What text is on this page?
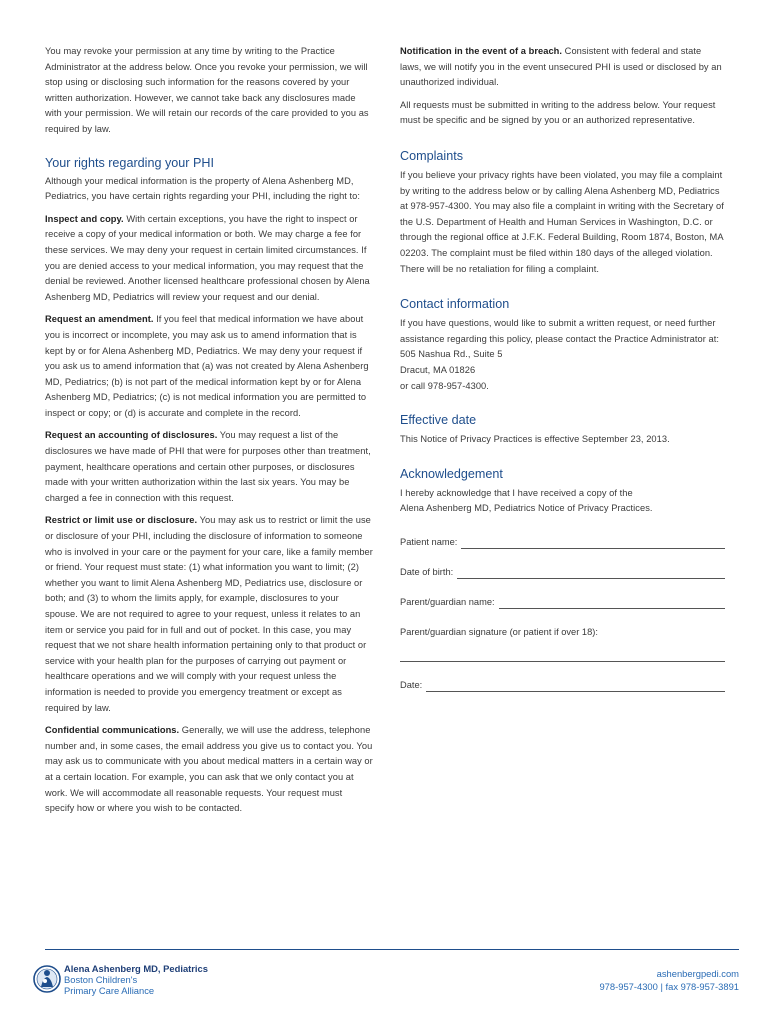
You may revoke your permission at any time by writing to the Practice Administrator at the address below. Once you revoke your permission, we will stop using or disclosing such information for the reasons covered by your written authorization. However, we cannot take back any disclosures made with your permission. We will retain our records of the care provided to you as required by law.

Your rights regarding your PHI

Although your medical information is the property of Alena Ashenberg MD, Pediatrics, you have certain rights regarding your PHI, including the right to:

Inspect and copy. With certain exceptions, you have the right to inspect or receive a copy of your medical information or both. We may charge a fee for these services. We may deny your request in certain limited circumstances. If you are denied access to your medical information, you may request that the denial be reviewed. Another licensed healthcare professional chosen by Alena Ashenberg MD, Pediatrics will review your request and our denial.

Request an amendment. If you feel that medical information we have about you is incorrect or incomplete, you may ask us to amend information that is kept by or for Alena Ashenberg MD, Pediatrics. We may deny your request if you ask us to amend information that (a) was not created by Alena Ashenberg MD, Pediatrics; (b) is not part of the medical information kept by or for Alena Ashenberg MD, Pediatrics; (c) is not medical information you are permitted to inspect or copy; or (d) is accurate and complete in the record.

Request an accounting of disclosures. You may request a list of the disclosures we have made of PHI that were for purposes other than treatment, payment, healthcare operations and certain other purposes, or disclosures made with your written authorization within the last six years. You may be charged a fee in connection with this request.

Restrict or limit use or disclosure. You may ask us to restrict or limit the use or disclosure of your PHI, including the disclosure of information to someone who is involved in your care or the payment for your care, like a family member or friend. Your request must state: (1) what information you want to limit; (2) whether you want to limit Alena Ashenberg MD, Pediatrics use, disclosure or both; and (3) to whom the limits apply, for example, disclosures to your spouse. We are not required to agree to your request, unless it relates to an item or service you paid for in full and out of pocket. In this case, you may request that we not share health information pertaining only to that product or service with your health plan for the purposes of carrying out payment or healthcare operations and we will comply with your request unless the information is needed to provide you emergency treatment or except as required by law.

Confidential communications. Generally, we will use the address, telephone number and, in some cases, the email address you give us to contact you. You may ask us to communicate with you about medical matters in a certain way or at a certain location. For example, you can ask that we only contact you at work. We will accommodate all reasonable requests. Your request must specify how or where you wish to be contacted.

Notification in the event of a breach. Consistent with federal and state laws, we will notify you in the event unsecured PHI is used or disclosed by an unauthorized individual.

All requests must be submitted in writing to the address below. Your request must be specific and be signed by you or an authorized representative.

Complaints

If you believe your privacy rights have been violated, you may file a complaint by writing to the address below or by calling Alena Ashenberg MD, Pediatrics at 978-957-4300. You may also file a complaint in writing with the Secretary of the U.S. Department of Health and Human Services in Washington, D.C. or through the regional office at J.F.K. Federal Building, Room 1874, Boston, MA 02203. The complaint must be filed within 180 days of the alleged violation. There will be no retaliation for filing a complaint.

Contact information

If you have questions, would like to submit a written request, or need further assistance regarding this policy, please contact the Practice Administrator at:

505 Nashua Rd., Suite 5

Dracut, MA 01826

or call 978-957-4300.

Effective date

This Notice of Privacy Practices is effective September 23, 2013.

Acknowledgement

I hereby acknowledge that I have received a copy of the

Alena Ashenberg MD, Pediatrics Notice of Privacy Practices.

Patient name:
Date of birth:
Parent/guardian name:
Parent/guardian signature (or patient if over 18):
Date:
Alena Ashenberg MD, Pediatrics
Boston Children's
Primary Care Alliance
ashenbergpedi.com
978-957-4300 | fax 978-957-3891
